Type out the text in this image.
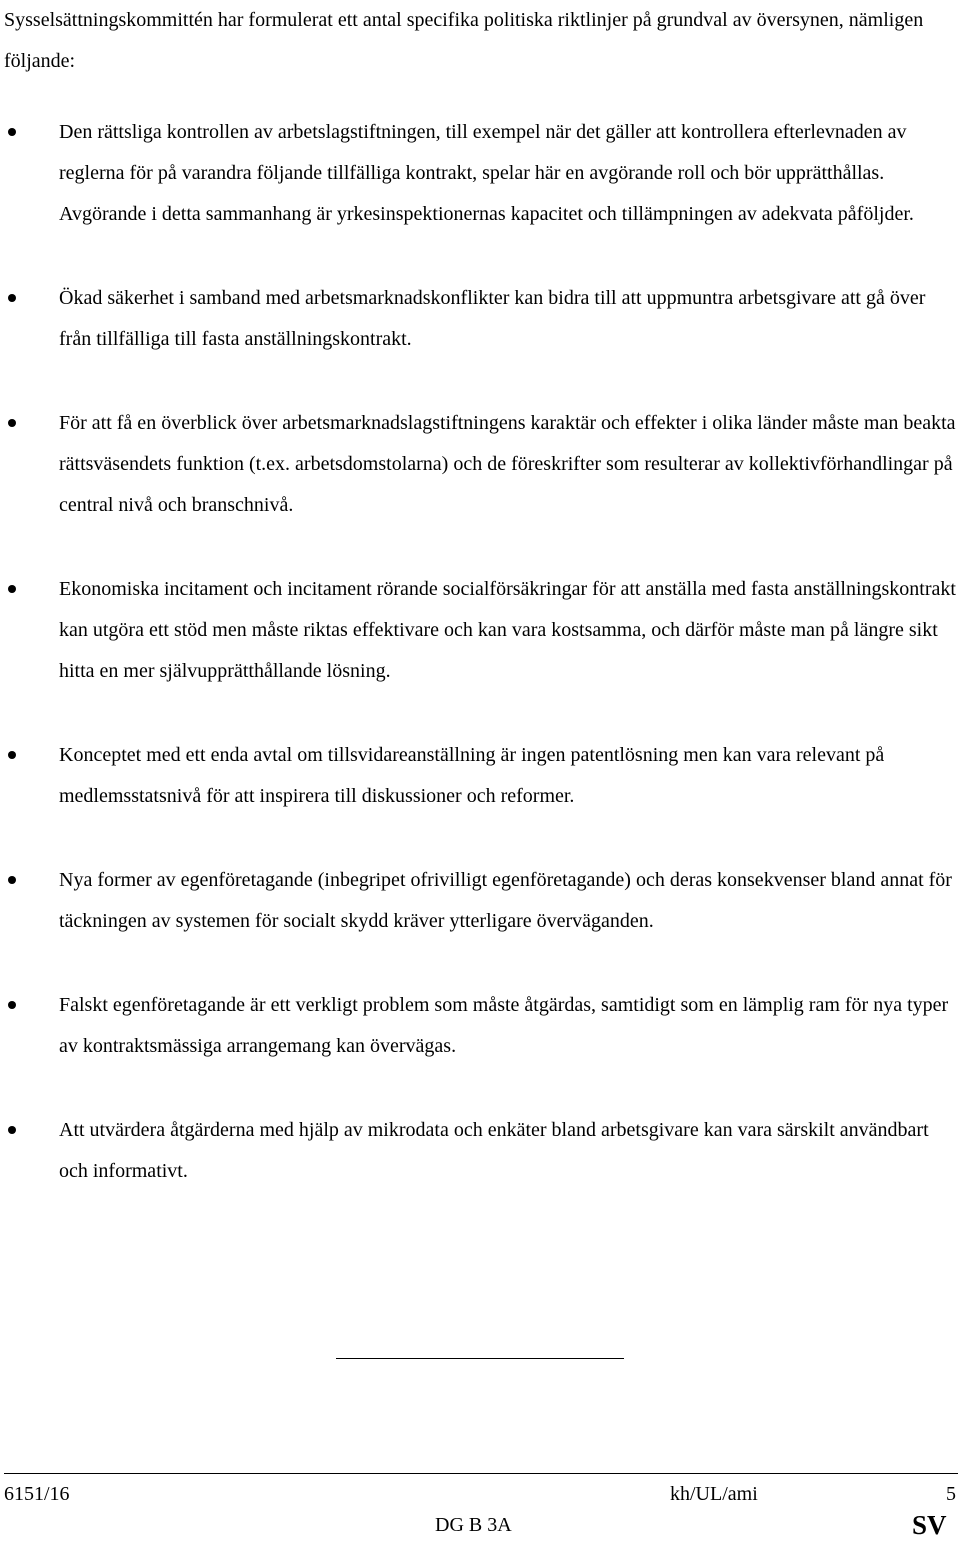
Sysselsättningskommittén har formulerat ett antal specifika politiska riktlinjer på grundval av översynen, nämligen följande:

Den rättsliga kontrollen av arbetslagstiftningen, till exempel när det gäller att kontrollera efterlevnaden av reglerna för på varandra följande tillfälliga kontrakt, spelar här en avgörande roll och bör upprätthållas. Avgörande i detta sammanhang är yrkesinspektionernas kapacitet och tillämpningen av adekvata påföljder.
Ökad säkerhet i samband med arbetsmarknadskonflikter kan bidra till att uppmuntra arbetsgivare att gå över från tillfälliga till fasta anställningskontrakt.
För att få en överblick över arbetsmarknadslagstiftningens karaktär och effekter i olika länder måste man beakta rättsväsendets funktion (t.ex. arbetsdomstolarna) och de föreskrifter som resulterar av kollektivförhandlingar på central nivå och branschnivå.
Ekonomiska incitament och incitament rörande socialförsäkringar för att anställa med fasta anställningskontrakt kan utgöra ett stöd men måste riktas effektivare och kan vara kostsamma, och därför måste man på längre sikt hitta en mer självupprätthållande lösning.
Konceptet med ett enda avtal om tillsvidareanställning är ingen patentlösning men kan vara relevant på medlemsstatsnivå för att inspirera till diskussioner och reformer.
Nya former av egenföretagande (inbegripet ofrivilligt egenföretagande) och deras konsekvenser bland annat för täckningen av systemen för socialt skydd kräver ytterligare överväganden.
Falskt egenföretagande är ett verkligt problem som måste åtgärdas, samtidigt som en lämplig ram för nya typer av kontraktsmässiga arrangemang kan övervägas.
Att utvärdera åtgärderna med hjälp av mikrodata och enkäter bland arbetsgivare kan vara särskilt användbart och informativt.
6151/16	kh/UL/ami	5
DG B 3A	SV
